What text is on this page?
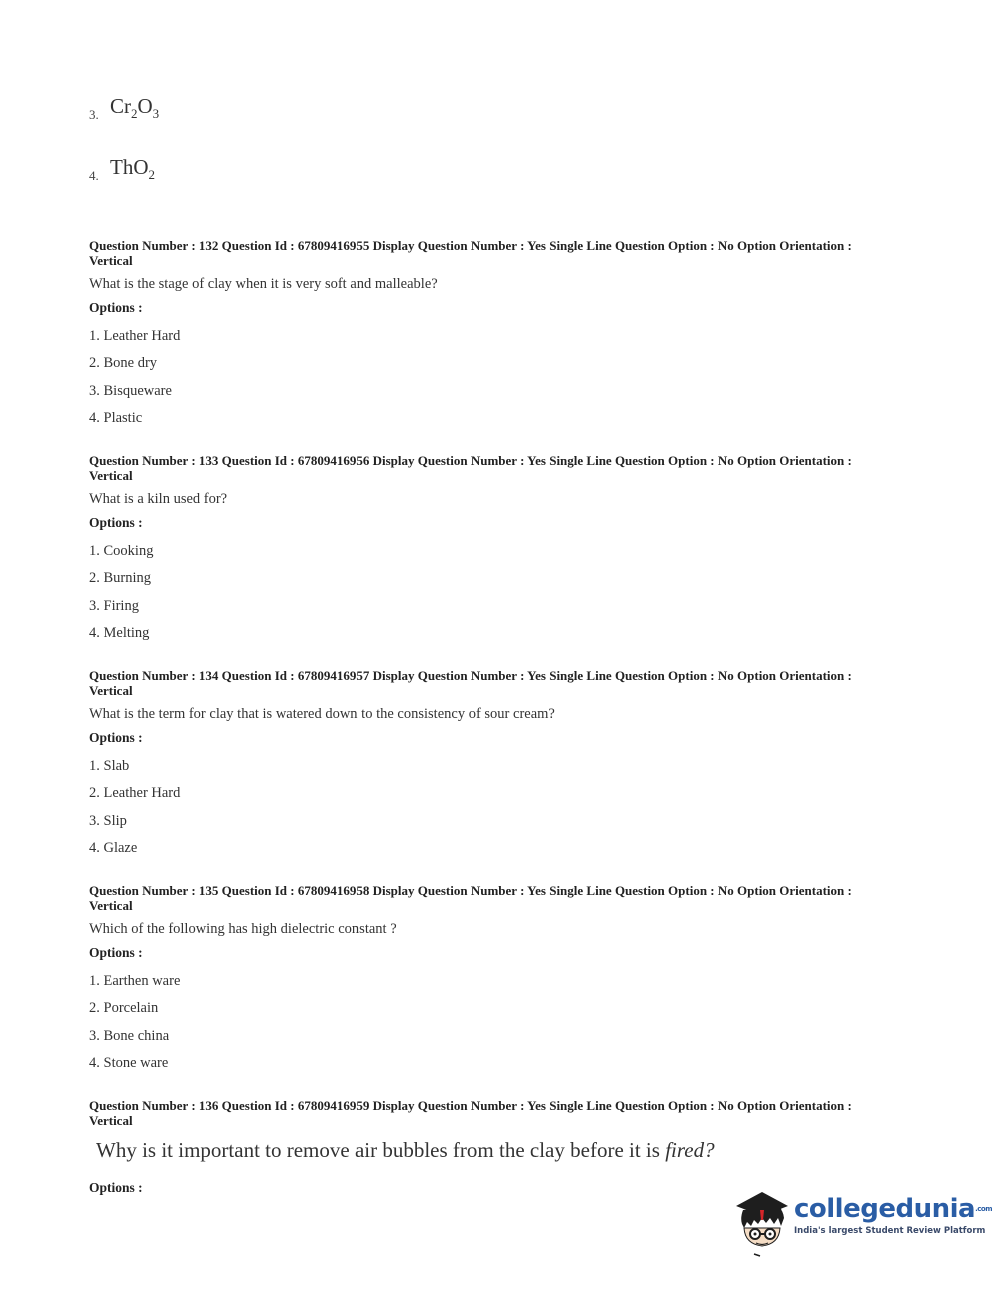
3. $Cr_2O_3$
4. ThO$_2$

Question Number : 132 Question Id : 67809416955 Display Question Number : Yes Single Line Question Option : No Option Orientation : Vertical

What is the stage of clay when it is very soft and malleable?
Options :
1. Leather Hard
2. Bone dry
3. Bisqueware
4. Plastic

Question Number : 133 Question Id : 67809416956 Display Question Number : Yes Single Line Question Option : No Option Orientation : Vertical

What is a kiln used for?
Options :
1. Cooking
2. Burning
3. Firing
4. Melting

Question Number : 134 Question Id : 67809416957 Display Question Number : Yes Single Line Question Option : No Option Orientation : Vertical

What is the term for clay that is watered down to the consistency of sour cream?
Options :
1. Slab
2. Leather Hard
3. Slip
4. Glaze

Question Number : 135 Question Id : 67809416958 Display Question Number : Yes Single Line Question Option : No Option Orientation : Vertical

Which of the following has high dielectric constant ?
Options :
1. Earthen ware
2. Porcelain
3. Bone china
4. Stone ware

Question Number : 136 Question Id : 67809416959 Display Question Number : Yes Single Line Question Option : No Option Orientation : Vertical

Why is it important to remove air bubbles from the clay before it is fired?
Options :
collegedunia$^{.com}$
India's largest Student Review Platform
